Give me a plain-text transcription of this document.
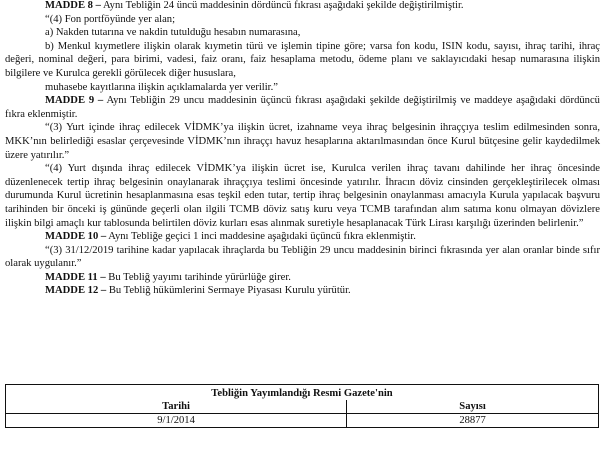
MADDE 8 – Aynı Tebliğin 24 üncü maddesinin dördüncü fıkrası aşağıdaki şekilde değiştirilmiştir.

“(4) Fon portföyünde yer alan;

a) Nakden tutarına ve nakdin tutulduğu hesabın numarasına,

b) Menkul kıymetlere ilişkin olarak kıymetin türü ve işlemin tipine göre; varsa fon kodu, ISIN kodu, sayısı, ihraç tarihi, ihraç değeri, nominal değeri, para birimi, vadesi, faiz oranı, faiz hesaplama metodu, ödeme planı ve saklayıcıdaki hesap numarasına ilişkin bilgilere ve Kurulca gerekli görülecek diğer hususlara,

muhasebe kayıtlarına ilişkin açıklamalarda yer verilir.”

MADDE 9 – Aynı Tebliğin 29 uncu maddesinin üçüncü fıkrası aşağıdaki şekilde değiştirilmiş ve maddeye aşağıdaki dördüncü fıkra eklenmiştir.

“(3) Yurt içinde ihraç edilecek VİDMK’ya ilişkin ücret, izahname veya ihraç belgesinin ihraççıya teslim edilmesinden sonra, MKK’nın belirlediği esaslar çerçevesinde VİDMK’nın ihraççı havuz hesaplarına aktarılmasından önce Kurul bütçesine gelir kaydedilmek üzere yatırılır.”

“(4) Yurt dışında ihraç edilecek VİDMK’ya ilişkin ücret ise, Kurulca verilen ihraç tavanı dahilinde her ihraç öncesinde düzenlenecek tertip ihraç belgesinin onaylanarak ihraççıya teslimi öncesinde yatırılır. İhracın döviz cinsinden gerçekleştirilecek olması durumunda Kurul ücretinin hesaplanmasına esas teşkil eden tutar, tertip ihraç belgesinin onaylanması amacıyla Kurula yapılacak başvuru tarihinden bir önceki iş gününde geçerli olan ilgili TCMB döviz satış kuru veya TCMB tarafından alım satıma konu olmayan dövizlere ilişkin bilgi amaçlı kur tablosunda belirtilen döviz kurları esas alınmak suretiyle hesaplanacak Türk Lirası karşılığı üzerinden belirlenir.”

MADDE 10 – Aynı Tebliğe geçici 1 inci maddesine aşağıdaki üçüncü fıkra eklenmiştir.

“(3) 31/12/2019 tarihine kadar yapılacak ihraçlarda bu Tebliğin 29 uncu maddesinin birinci fıkrasında yer alan oranlar binde sıfır olarak uygulanır.”

MADDE 11 – Bu Tebliğ yayımı tarihinde yürürlüğe girer.

MADDE 12 – Bu Tebliğ hükümlerini Sermaye Piyasası Kurulu yürütür.

Tebliğin Yayımlandığı Resmi Gazete'nin	
Tarihi	Sayısı
9/1/2014	28877
